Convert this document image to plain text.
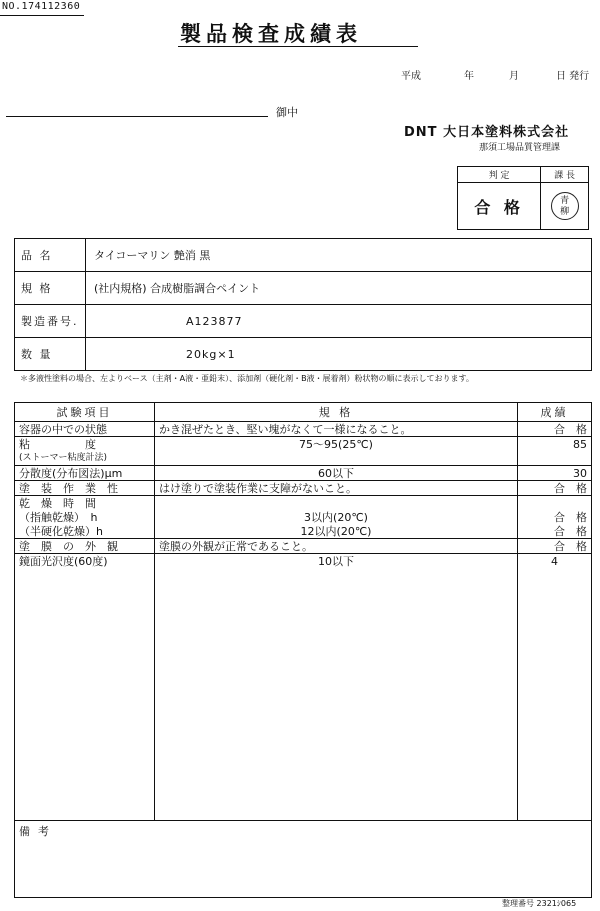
NO.174112360
製品検査成績表
平成	年	月	日 発行
御中
DNT 大日本塗料株式会社
那須工場品質管理課
判 定	課 長
合 格	青
柳
品 名	タイコーマリン 艶消 黒
規 格	(社内規格) 合成樹脂調合ペイント
製造番号.	A123877
数 量	20kg×1
＊多液性塗料の場合、左よりベース（主剤・A液・亜鉛末）、添加剤（硬化剤・B液・展着剤）粉状物の順に表示しております。
試験項目	規 格	成績
容器の中での状態	かき混ぜたとき、堅い塊がなくて一様になること。	合　格
粘　　　　　度	75～95(25℃)	85
(ストーマー粘度計法)		
分散度(分布図法)μm	60以下	30
塗　装　作　業　性	はけ塗りで塗装作業に支障がないこと。	合　格
乾　燥　時　間		
（指触乾燥）　h	3以内(20℃)	合　格
（半硬化乾燥）h	12以内(20℃)	合　格
塗　膜　の　外　観	塗膜の外観が正常であること。	合　格
鏡面光沢度(60度)	10以下	4

備考		
整理番号 2321ｼ065
